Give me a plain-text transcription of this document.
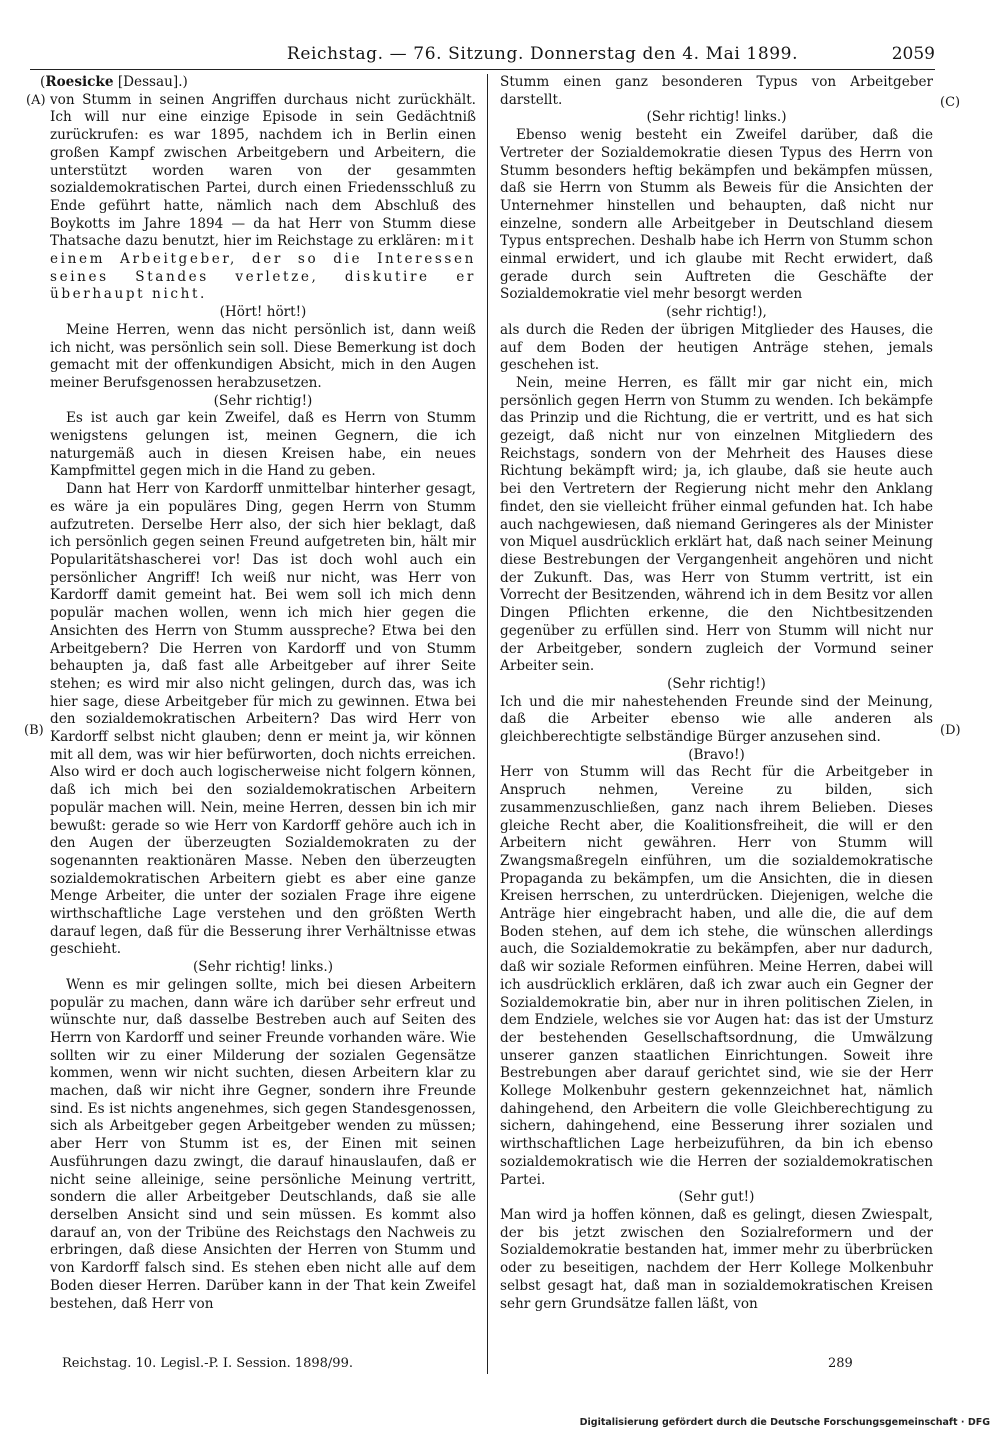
Reichstag. — 76. Sitzung. Donnerstag den 4. Mai 1899.	2059
(A)
(B)
(C)
(D)

(Roesicke [Dessau].)

von Stumm in seinen Angriffen durchaus nicht zurückhält. Ich will nur eine einzige Episode in sein Gedächtniß zurückrufen: es war 1895, nachdem ich in Berlin einen großen Kampf zwischen Arbeitgebern und Arbeitern, die unterstützt worden waren von der gesammten sozialdemokratischen Partei, durch einen Friedensschluß zu Ende geführt hatte, nämlich nach dem Abschluß des Boykotts im Jahre 1894 — da hat Herr von Stumm diese Thatsache dazu benutzt, hier im Reichstage zu erklären: mit einem Arbeitgeber, der so die Interessen seines Standes verletze, diskutire er überhaupt nicht.

(Hört! hört!)

Meine Herren, wenn das nicht persönlich ist, dann weiß ich nicht, was persönlich sein soll. Diese Bemerkung ist doch gemacht mit der offenkundigen Absicht, mich in den Augen meiner Berufsgenossen herabzusetzen.

(Sehr richtig!)

Es ist auch gar kein Zweifel, daß es Herrn von Stumm wenigstens gelungen ist, meinen Gegnern, die ich naturgemäß auch in diesen Kreisen habe, ein neues Kampfmittel gegen mich in die Hand zu geben.

Dann hat Herr von Kardorff unmittelbar hinterher gesagt, es wäre ja ein populäres Ding, gegen Herrn von Stumm aufzutreten. Derselbe Herr also, der sich hier beklagt, daß ich persönlich gegen seinen Freund aufgetreten bin, hält mir Popularitätshascherei vor! Das ist doch wohl auch ein persönlicher Angriff! Ich weiß nur nicht, was Herr von Kardorff damit gemeint hat. Bei wem soll ich mich denn populär machen wollen, wenn ich mich hier gegen die Ansichten des Herrn von Stumm ausspreche? Etwa bei den Arbeitgebern? Die Herren von Kardorff und von Stumm behaupten ja, daß fast alle Arbeitgeber auf ihrer Seite stehen; es wird mir also nicht gelingen, durch das, was ich hier sage, diese Arbeitgeber für mich zu gewinnen. Etwa bei den sozialdemokratischen Arbeitern? Das wird Herr von Kardorff selbst nicht glauben; denn er meint ja, wir können mit all dem, was wir hier befürworten, doch nichts erreichen. Also wird er doch auch logischerweise nicht folgern können, daß ich mich bei den sozialdemokratischen Arbeitern populär machen will. Nein, meine Herren, dessen bin ich mir bewußt: gerade so wie Herr von Kardorff gehöre auch ich in den Augen der überzeugten Sozialdemokraten zu der sogenannten reaktionären Masse. Neben den überzeugten sozialdemokratischen Arbeitern giebt es aber eine ganze Menge Arbeiter, die unter der sozialen Frage ihre eigene wirthschaftliche Lage verstehen und den größten Werth darauf legen, daß für die Besserung ihrer Verhältnisse etwas geschieht.

(Sehr richtig! links.)

Wenn es mir gelingen sollte, mich bei diesen Arbeitern populär zu machen, dann wäre ich darüber sehr erfreut und wünschte nur, daß dasselbe Bestreben auch auf Seiten des Herrn von Kardorff und seiner Freunde vorhanden wäre. Wie sollten wir zu einer Milderung der sozialen Gegensätze kommen, wenn wir nicht suchten, diesen Arbeitern klar zu machen, daß wir nicht ihre Gegner, sondern ihre Freunde sind. Es ist nichts angenehmes, sich gegen Standesgenossen, sich als Arbeitgeber gegen Arbeitgeber wenden zu müssen; aber Herr von Stumm ist es, der Einen mit seinen Ausführungen dazu zwingt, die darauf hinauslaufen, daß er nicht seine alleinige, seine persönliche Meinung vertritt, sondern die aller Arbeitgeber Deutschlands, daß sie alle derselben Ansicht sind und sein müssen. Es kommt also darauf an, von der Tribüne des Reichstags den Nachweis zu erbringen, daß diese Ansichten der Herren von Stumm und von Kardorff falsch sind. Es stehen eben nicht alle auf dem Boden dieser Herren. Darüber kann in der That kein Zweifel bestehen, daß Herr von

Stumm einen ganz besonderen Typus von Arbeitgeber darstellt.

(Sehr richtig! links.)

Ebenso wenig besteht ein Zweifel darüber, daß die Vertreter der Sozialdemokratie diesen Typus des Herrn von Stumm besonders heftig bekämpfen und bekämpfen müssen, daß sie Herrn von Stumm als Beweis für die Ansichten der Unternehmer hinstellen und behaupten, daß nicht nur einzelne, sondern alle Arbeitgeber in Deutschland diesem Typus entsprechen. Deshalb habe ich Herrn von Stumm schon einmal erwidert, und ich glaube mit Recht erwidert, daß gerade durch sein Auftreten die Geschäfte der Sozialdemokratie viel mehr besorgt werden

(sehr richtig!),

als durch die Reden der übrigen Mitglieder des Hauses, die auf dem Boden der heutigen Anträge stehen, jemals geschehen ist.

Nein, meine Herren, es fällt mir gar nicht ein, mich persönlich gegen Herrn von Stumm zu wenden. Ich bekämpfe das Prinzip und die Richtung, die er vertritt, und es hat sich gezeigt, daß nicht nur von einzelnen Mitgliedern des Reichstags, sondern von der Mehrheit des Hauses diese Richtung bekämpft wird; ja, ich glaube, daß sie heute auch bei den Vertretern der Regierung nicht mehr den Anklang findet, den sie vielleicht früher einmal gefunden hat. Ich habe auch nachgewiesen, daß niemand Geringeres als der Minister von Miquel ausdrücklich erklärt hat, daß nach seiner Meinung diese Bestrebungen der Vergangenheit angehören und nicht der Zukunft. Das, was Herr von Stumm vertritt, ist ein Vorrecht der Besitzenden, während ich in dem Besitz vor allen Dingen Pflichten erkenne, die den Nichtbesitzenden gegenüber zu erfüllen sind. Herr von Stumm will nicht nur der Arbeitgeber, sondern zugleich der Vormund seiner Arbeiter sein.

(Sehr richtig!)

Ich und die mir nahestehenden Freunde sind der Meinung, daß die Arbeiter ebenso wie alle anderen als gleichberechtigte selbständige Bürger anzusehen sind.

(Bravo!)

Herr von Stumm will das Recht für die Arbeitgeber in Anspruch nehmen, Vereine zu bilden, sich zusammenzuschließen, ganz nach ihrem Belieben. Dieses gleiche Recht aber, die Koalitionsfreiheit, die will er den Arbeitern nicht gewähren. Herr von Stumm will Zwangsmaßregeln einführen, um die sozialdemokratische Propaganda zu bekämpfen, um die Ansichten, die in diesen Kreisen herrschen, zu unterdrücken. Diejenigen, welche die Anträge hier eingebracht haben, und alle die, die auf dem Boden stehen, auf dem ich stehe, die wünschen allerdings auch, die Sozialdemokratie zu bekämpfen, aber nur dadurch, daß wir soziale Reformen einführen. Meine Herren, dabei will ich ausdrücklich erklären, daß ich zwar auch ein Gegner der Sozialdemokratie bin, aber nur in ihren politischen Zielen, in dem Endziele, welches sie vor Augen hat: das ist der Umsturz der bestehenden Gesellschaftsordnung, die Umwälzung unserer ganzen staatlichen Einrichtungen. Soweit ihre Bestrebungen aber darauf gerichtet sind, wie sie der Herr Kollege Molkenbuhr gestern gekennzeichnet hat, nämlich dahingehend, den Arbeitern die volle Gleichberechtigung zu sichern, dahingehend, eine Besserung ihrer sozialen und wirthschaftlichen Lage herbeizuführen, da bin ich ebenso sozialdemokratisch wie die Herren der sozialdemokratischen Partei.

(Sehr gut!)

Man wird ja hoffen können, daß es gelingt, diesen Zwiespalt, der bis jetzt zwischen den Sozialreformern und der Sozialdemokratie bestanden hat, immer mehr zu überbrücken oder zu beseitigen, nachdem der Herr Kollege Molkenbuhr selbst gesagt hat, daß man in sozialdemokratischen Kreisen sehr gern Grundsätze fallen läßt, von

Reichstag. 10. Legisl.-P. I. Session. 1898/99.	289
Digitalisierung gefördert durch die Deutsche Forschungsgemeinschaft · DFG
